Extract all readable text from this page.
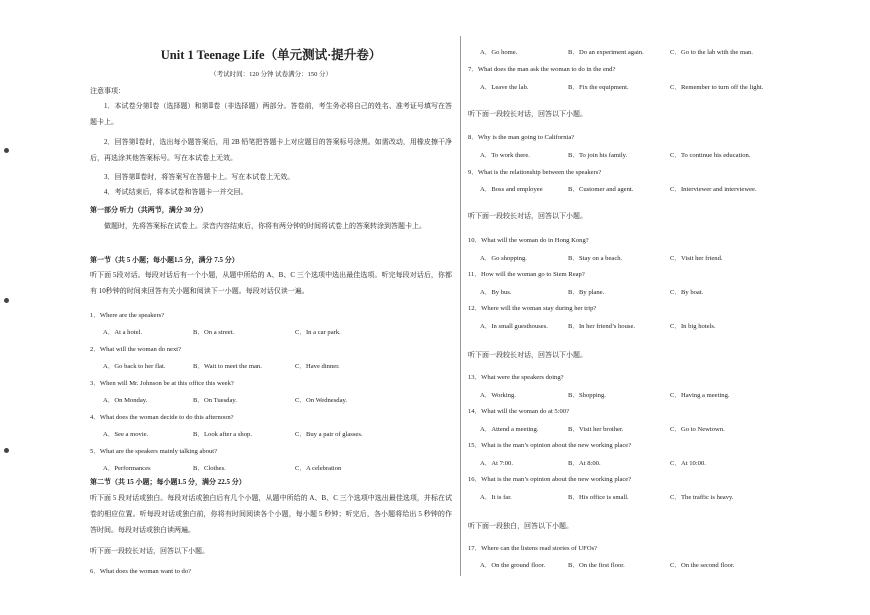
Unit 1 Teenage Life（单元测试·提升卷）
（考试时间：120 分钟 试卷满分：150 分）
注意事项：
1．本试卷分第Ⅰ卷（选择题）和第Ⅱ卷（非选择题）两部分。答卷前，考生务必将自己的姓名、准考证号填写在答题卡上。
2．回答第Ⅰ卷时，选出每小题答案后，用 2B 铅笔把答题卡上对应题目的答案标号涂黑。如需改动，用橡皮擦干净后，再选涂其他答案标号。写在本试卷上无效。
3．回答第Ⅱ卷时，将答案写在答题卡上。写在本试卷上无效。
4．考试结束后，将本试卷和答题卡一并交回。
第一部分 听力（共两节，满分 30 分）
做题时，先将答案标在试卷上。录音内容结束后，你将有两分钟的时间将试卷上的答案转涂到答题卡上。
第一节（共 5 小题；每小题1.5 分，满分 7.5 分）
听下面 5段对话。每段对话后有一个小题，从题中所给的 A、B、C 三个选项中选出最佳选项。听完每段对话后，你都有 10秒钟的时间来回答有关小题和阅读下一小题。每段对话仅读一遍。
1．Where are the speakers?
A．At a hotel.	B．On a street.	C．In a car park.
2．What will the woman do next?
A．Go back to her flat.	B．Wait to meet the man.	C．Have dinner.
3．When will Mr. Johnson be at this office this week?
A．On Monday.	B．On Tuesday.	C．On Wednesday.
4．What does the woman decide to do this afternoon?
A．See a movie.	B．Look after a shop.	C．Buy a pair of glasses.
5．What are the speakers mainly talking about?
A．Performances	B．Clothes.	C．A celebration
第二节（共 15 小题；每小题1.5 分，满分 22.5 分）
听下面 5 段对话或独白。每段对话或独白后有几个小题，从题中所给的 A、B、C 三个选项中选出最佳选项，并标在试卷的相应位置。听每段对话或独白前，你将有时间阅读各个小题，每小题 5 秒钟；听完后，各小题将给出 5 秒钟的作答时间。每段对话或独白读两遍。
听下面一段较长对话，回答以下小题。
6．What does the woman want to do?
A．Go home.	B．Do an experiment again.	C．Go to the lab with the man.
7．What does the man ask the woman to do in the end?
A．Leave the lab.	B．Fix the equipment.	C．Remember to turn off the light.
听下面一段较长对话，回答以下小题。
8．Why is the man going to California?
A．To work there.	B．To join his family.	C．To continue his education.
9．What is the relationship between the speakers?
A．Boss and employee	B．Customer and agent.	C．Interviewer and interviewee.
听下面一段较长对话，回答以下小题。
10．What will the woman do in Hong Kong?
A．Go shopping.	B．Stay on a beach.	C．Visit her friend.
11．How will the woman go to Siem Reap?
A．By bus.	B．By plane.	C．By boat.
12．Where will the woman stay during her trip?
A．In small guesthouses.	B．In her friend’s house.	C．In big hotels.
听下面一段较长对话，回答以下小题。
13．What were the speakers doing?
A．Working.	B．Shopping.	C．Having a meeting.
14．What will the woman do at 5:00?
A．Attend a meeting.	B．Visit her brother.	C．Go to Newtown.
15．What is the man’s opinion about the new working place?
A．At 7:00.	B．At 8:00.	C．At 10:00.
16．What is the man’s opinion about the new working place?
A．It is far.	B．His office is small.	C．The traffic is heavy.
听下面一段独白，回答以下小题。
17．Where can the listens read stories of UFOs?
A．On the ground floor.	B．On the first floor.	C．On the second floor.
